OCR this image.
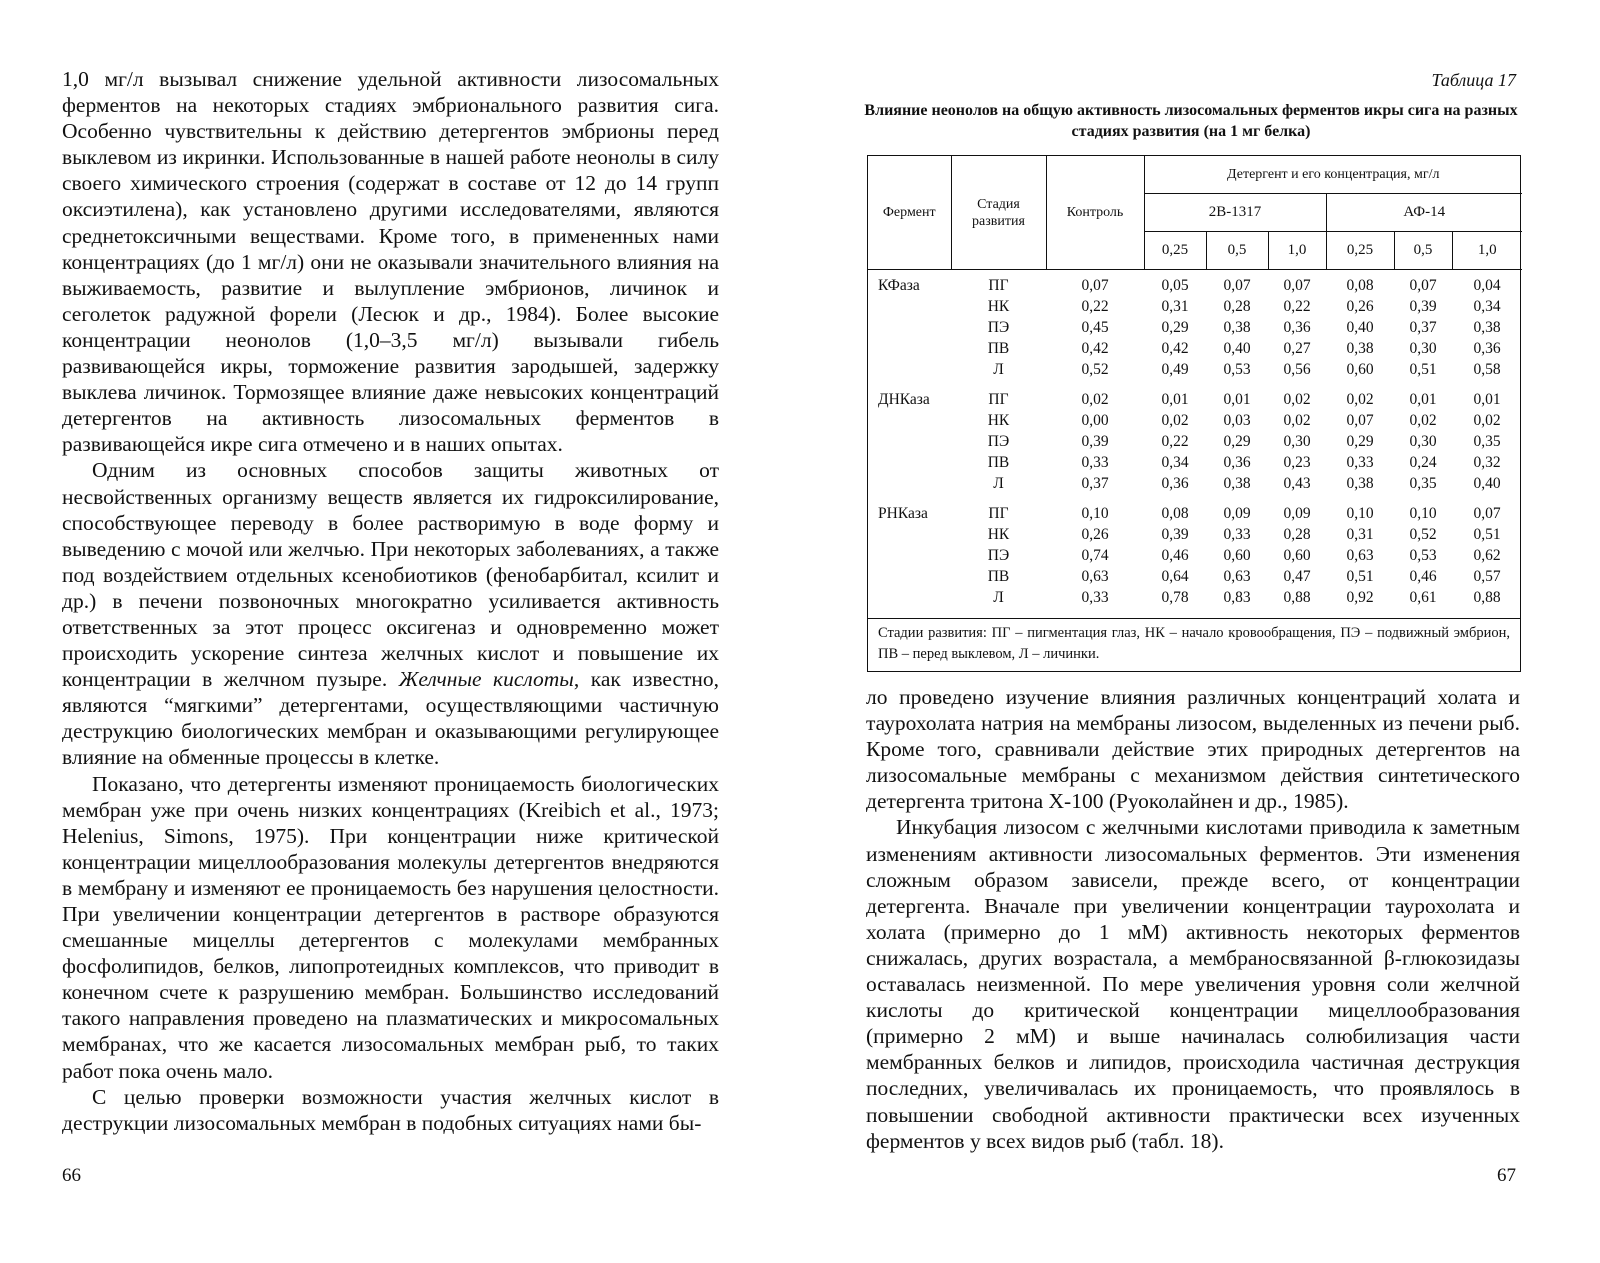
1,0 мг/л вызывал снижение удельной активности лизосомальных ферментов на некоторых стадиях эмбрионального развития сига. Особенно чувствительны к действию детергентов эмбрионы перед выклевом из икринки. Использованные в нашей работе неонолы в силу своего химического строения (содержат в составе от 12 до 14 групп оксиэтилена), как установлено другими исследователями, являются среднетоксичными веществами. Кроме того, в примененных нами концентрациях (до 1 мг/л) они не оказывали значительного влияния на выживаемость, развитие и вылупление эмбрионов, личинок и сеголеток радужной форели (Лесюк и др., 1984). Более высокие концентрации неонолов (1,0–3,5 мг/л) вызывали гибель развивающейся икры, торможение развития зародышей, задержку выклева личинок. Тормозящее влияние даже невысоких концентраций детергентов на активность лизосомальных ферментов в развивающейся икре сига отмечено и в наших опытах.

Одним из основных способов защиты животных от несвойственных организму веществ является их гидроксилирование, способствующее переводу в более растворимую в воде форму и выведению с мочой или желчью. При некоторых заболеваниях, а также под воздействием отдельных ксенобиотиков (фенобарбитал, ксилит и др.) в печени позвоночных многократно усиливается активность ответственных за этот процесс оксигеназ и одновременно может происходить ускорение синтеза желчных кислот и повышение их концентрации в желчном пузыре. Желчные кислоты, как известно, являются “мягкими” детергентами, осуществляющими частичную деструкцию биологических мембран и оказывающими регулирующее влияние на обменные процессы в клетке.

Показано, что детергенты изменяют проницаемость биологических мембран уже при очень низких концентрациях (Kreibich et al., 1973; Helenius, Simons, 1975). При концентрации ниже критической концентрации мицеллообразования молекулы детергентов внедряются в мембрану и изменяют ее проницаемость без нарушения целостности. При увеличении концентрации детергентов в растворе образуются смешанные мицеллы детергентов с молекулами мембранных фосфолипидов, белков, липопротеидных комплексов, что приводит в конечном счете к разрушению мембран. Большинство исследований такого направления проведено на плазматических и микросомальных мембранах, что же касается лизосомальных мембран рыб, то таких работ пока очень мало.

С целью проверки возможности участия желчных кислот в деструкции лизосомальных мембран в подобных ситуациях нами бы-

66
Таблица 17
Влияние неонолов на общую активность лизосомальных ферментов икры сига на разных стадиях развития (на 1 мг белка)
Фермент	Стадия развития	Контроль	Детергент и его концентрация, мг/л					
			2В-1317			АФ-14		
			0,25	0,5	1,0	0,25	0,5	1,0
КФаза	ПГ	0,07	0,05	0,07	0,07	0,08	0,07	0,04
	НК	0,22	0,31	0,28	0,22	0,26	0,39	0,34
	ПЭ	0,45	0,29	0,38	0,36	0,40	0,37	0,38
	ПВ	0,42	0,42	0,40	0,27	0,38	0,30	0,36
	Л	0,52	0,49	0,53	0,56	0,60	0,51	0,58
ДНКаза	ПГ	0,02	0,01	0,01	0,02	0,02	0,01	0,01
	НК	0,00	0,02	0,03	0,02	0,07	0,02	0,02
	ПЭ	0,39	0,22	0,29	0,30	0,29	0,30	0,35
	ПВ	0,33	0,34	0,36	0,23	0,33	0,24	0,32
	Л	0,37	0,36	0,38	0,43	0,38	0,35	0,40
РНКаза	ПГ	0,10	0,08	0,09	0,09	0,10	0,10	0,07
	НК	0,26	0,39	0,33	0,28	0,31	0,52	0,51
	ПЭ	0,74	0,46	0,60	0,60	0,63	0,53	0,62
	ПВ	0,63	0,64	0,63	0,47	0,51	0,46	0,57
	Л	0,33	0,78	0,83	0,88	0,92	0,61	0,88
Стадии развития: ПГ – пигментация глаз, НК – начало кровообращения, ПЭ – подвижный эмбрион, ПВ – перед выклевом, Л – личинки.

ло проведено изучение влияния различных концентраций холата и таурохолата натрия на мембраны лизосом, выделенных из печени рыб. Кроме того, сравнивали действие этих природных детергентов на лизосомальные мембраны с механизмом действия синтетического детергента тритона Х-100 (Руоколайнен и др., 1985).

Инкубация лизосом с желчными кислотами приводила к заметным изменениям активности лизосомальных ферментов. Эти изменения сложным образом зависели, прежде всего, от концентрации детергента. Вначале при увеличении концентрации таурохолата и холата (примерно до 1 мМ) активность некоторых ферментов снижалась, других возрастала, а мембраносвязанной β-глюкозидазы оставалась неизменной. По мере увеличения уровня соли желчной кислоты до критической концентрации мицеллообразования (примерно 2 мМ) и выше начиналась солюбилизация части мембранных белков и липидов, происходила частичная деструкция последних, увеличивалась их проницаемость, что проявлялось в повышении свободной активности практически всех изученных ферментов у всех видов рыб (табл. 18).

67
